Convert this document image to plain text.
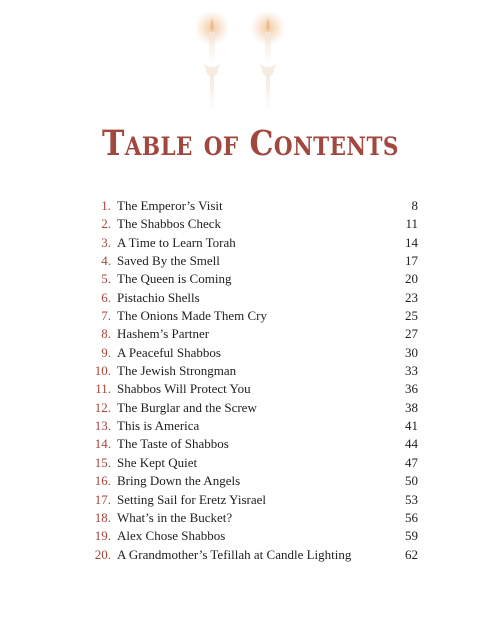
Table of Contents
1. The Emperor’s Visit	8
2. The Shabbos Check	11
3. A Time to Learn Torah	14
4. Saved By the Smell	17
5. The Queen is Coming	20
6. Pistachio Shells	23
7. The Onions Made Them Cry	25
8. Hashem’s Partner	27
9. A Peaceful Shabbos	30
10. The Jewish Strongman	33
11. Shabbos Will Protect You	36
12. The Burglar and the Screw	38
13. This is America	41
14. The Taste of Shabbos	44
15. She Kept Quiet	47
16. Bring Down the Angels	50
17. Setting Sail for Eretz Yisrael	53
18. What’s in the Bucket?	56
19. Alex Chose Shabbos	59
20. A Grandmother’s Tefillah at Candle Lighting	62
